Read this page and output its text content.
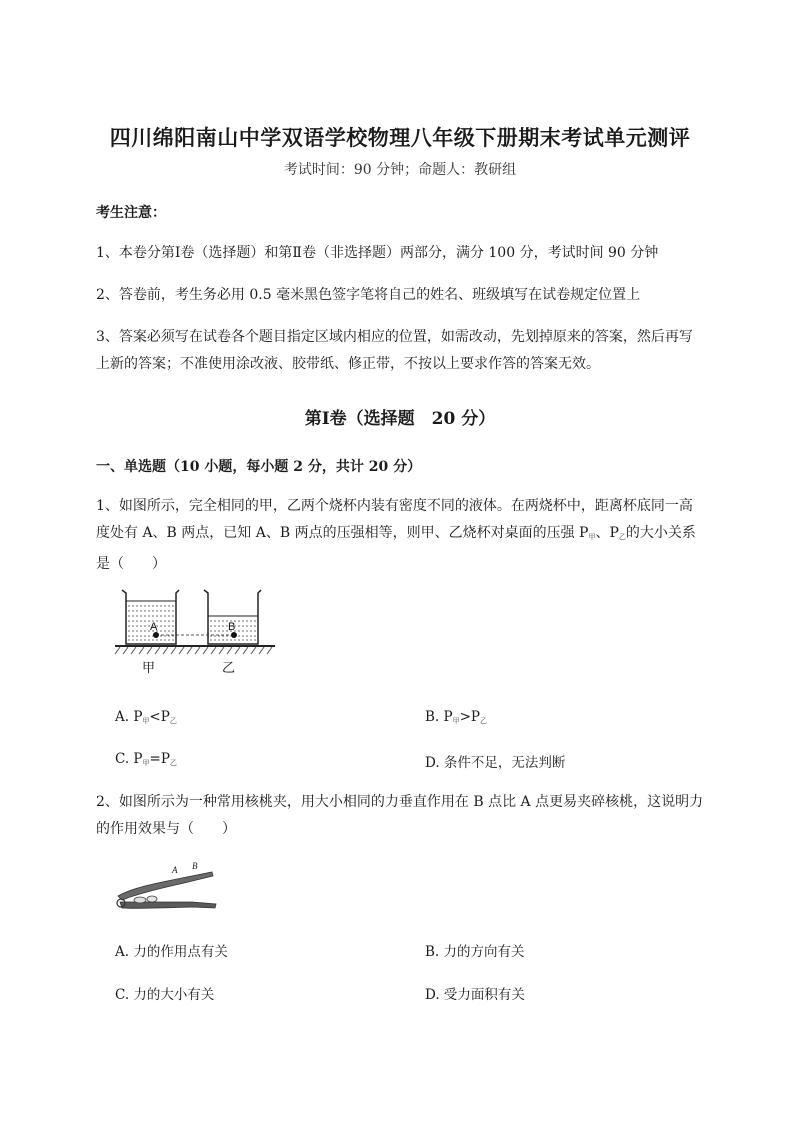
四川绵阳南山中学双语学校物理八年级下册期末考试单元测评
考试时间：90 分钟；命题人：教研组
考生注意：
1、本卷分第Ⅰ卷（选择题）和第Ⅱ卷（非选择题）两部分，满分 100 分，考试时间 90 分钟
2、答卷前，考生务必用 0.5 毫米黑色签字笔将自己的姓名、班级填写在试卷规定位置上
3、答案必须写在试卷各个题目指定区域内相应的位置，如需改动，先划掉原来的答案，然后再写上新的答案；不准使用涂改液、胶带纸、修正带，不按以上要求作答的答案无效。
第Ⅰ卷（选择题　20 分）
一、单选题（10 小题，每小题 2 分，共计 20 分）
1、如图所示，完全相同的甲，乙两个烧杯内装有密度不同的液体。在两烧杯中，距离杯底同一高度处有 A、B 两点，已知 A、B 两点的压强相等，则甲、乙烧杯对桌面的压强 $P_甲$、$P_乙$的大小关系是（　　）
A	B
甲	乙
A. $P_甲<P_乙$	B. $P_甲>P_乙$
C. $P_甲=P_乙$	D. 条件不足，无法判断
2、如图所示为一种常用核桃夹，用大小相同的力垂直作用在 B 点比 A 点更易夹碎核桃，这说明力的作用效果与（　　）
A B
A. 力的作用点有关	B. 力的方向有关
C. 力的大小有关	D. 受力面积有关
